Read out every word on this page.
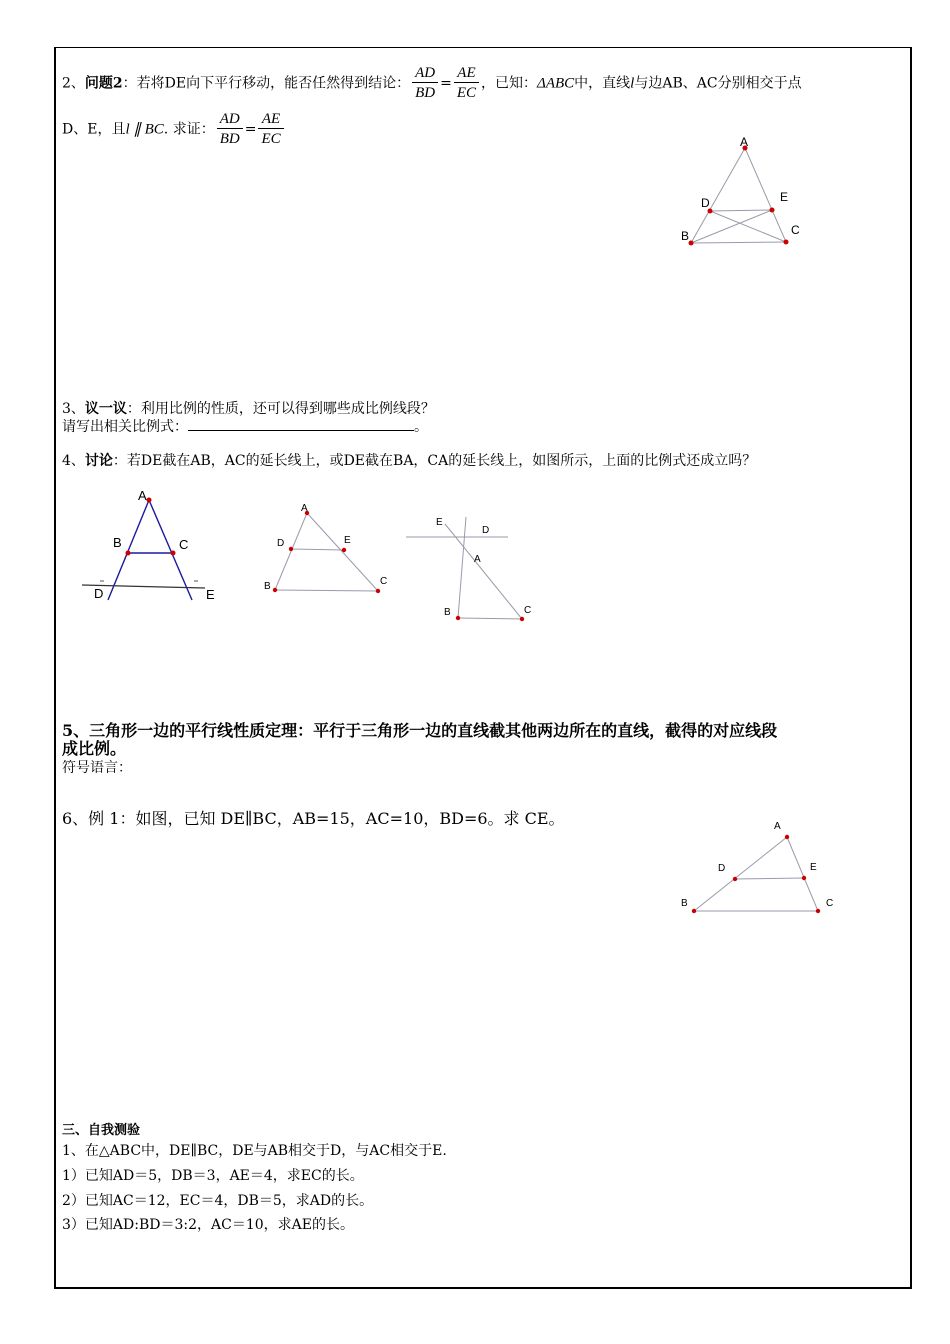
2、问题2：若将DE向下平行移动，能否任然得到结论： $\frac{AD}{BD} = \frac{AE}{EC}$ ，已知：ΔABC中，直线l与边AB、AC分别相交于点
D、E，且l ∥ BC. 求证： $\frac{AD}{BD} = \frac{AE}{EC}$	A
D	E
B	C
3、议一议：利用比例的性质，还可以得到哪些成比例线段？
请写出相关比例式：	。
4、讨论：若DE截在AB，AC的延长线上，或DE截在BA，CA的延长线上，如图所示，上面的比例式还成立吗？
A
B	C
D	E
A
D	E
B	C
E
D
A
B	C
5、三角形一边的平行线性质定理：平行于三角形一边的直线截其他两边所在的直线，截得的对应线段
成比例。
符号语言：
6、例 1：如图，已知 DE∥BC，AB=15，AC=10，BD=6。求 CE。	A
D	E
B	C
三、自我测验
1、在△ABC中，DE∥BC，DE与AB相交于D，与AC相交于E.
1）已知AD＝5，DB＝3，AE＝4，求EC的长。
2）已知AC＝12，EC＝4，DB＝5，求AD的长。
3）已知AD:BD＝3:2，AC＝10，求AE的长。
